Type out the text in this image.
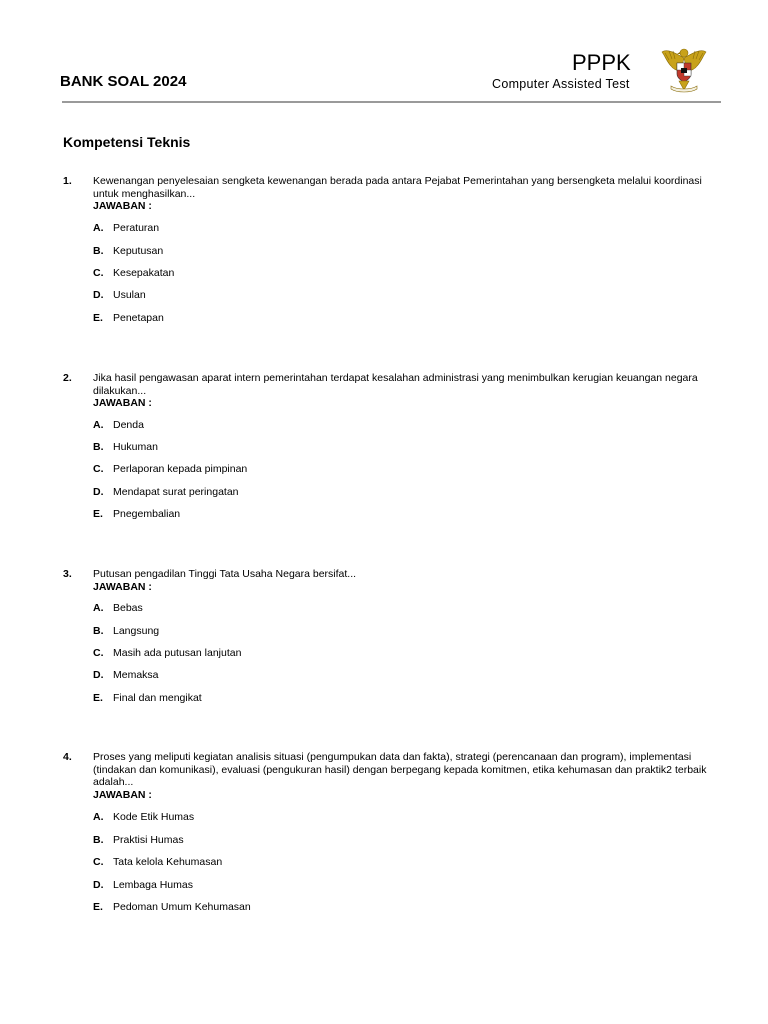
BANK SOAL 2024
PPPK
Computer Assisted Test
Kompetensi Teknis
1. Kewenangan penyelesaian sengketa kewenangan berada pada antara Pejabat Pemerintahan yang bersengketa melalui koordinasi untuk menghasilkan...
JAWABAN :
A. Peraturan
B. Keputusan
C. Kesepakatan
D. Usulan
E. Penetapan
2. Jika hasil pengawasan aparat intern pemerintahan terdapat kesalahan administrasi yang menimbulkan kerugian keuangan negara dilakukan...
JAWABAN :
A. Denda
B. Hukuman
C. Perlaporan kepada pimpinan
D. Mendapat surat peringatan
E. Pnegembalian
3. Putusan pengadilan Tinggi Tata Usaha Negara bersifat...
JAWABAN :
A. Bebas
B. Langsung
C. Masih ada putusan lanjutan
D. Memaksa
E. Final dan mengikat
4. Proses yang meliputi kegiatan analisis situasi (pengumpukan data dan fakta), strategi (perencanaan dan program), implementasi (tindakan dan komunikasi), evaluasi (pengukuran hasil) dengan berpegang kepada komitmen, etika kehumasan dan praktik2 terbaik adalah...
JAWABAN :
A. Kode Etik Humas
B. Praktisi Humas
C. Tata kelola Kehumasan
D. Lembaga Humas
E. Pedoman Umum Kehumasan
